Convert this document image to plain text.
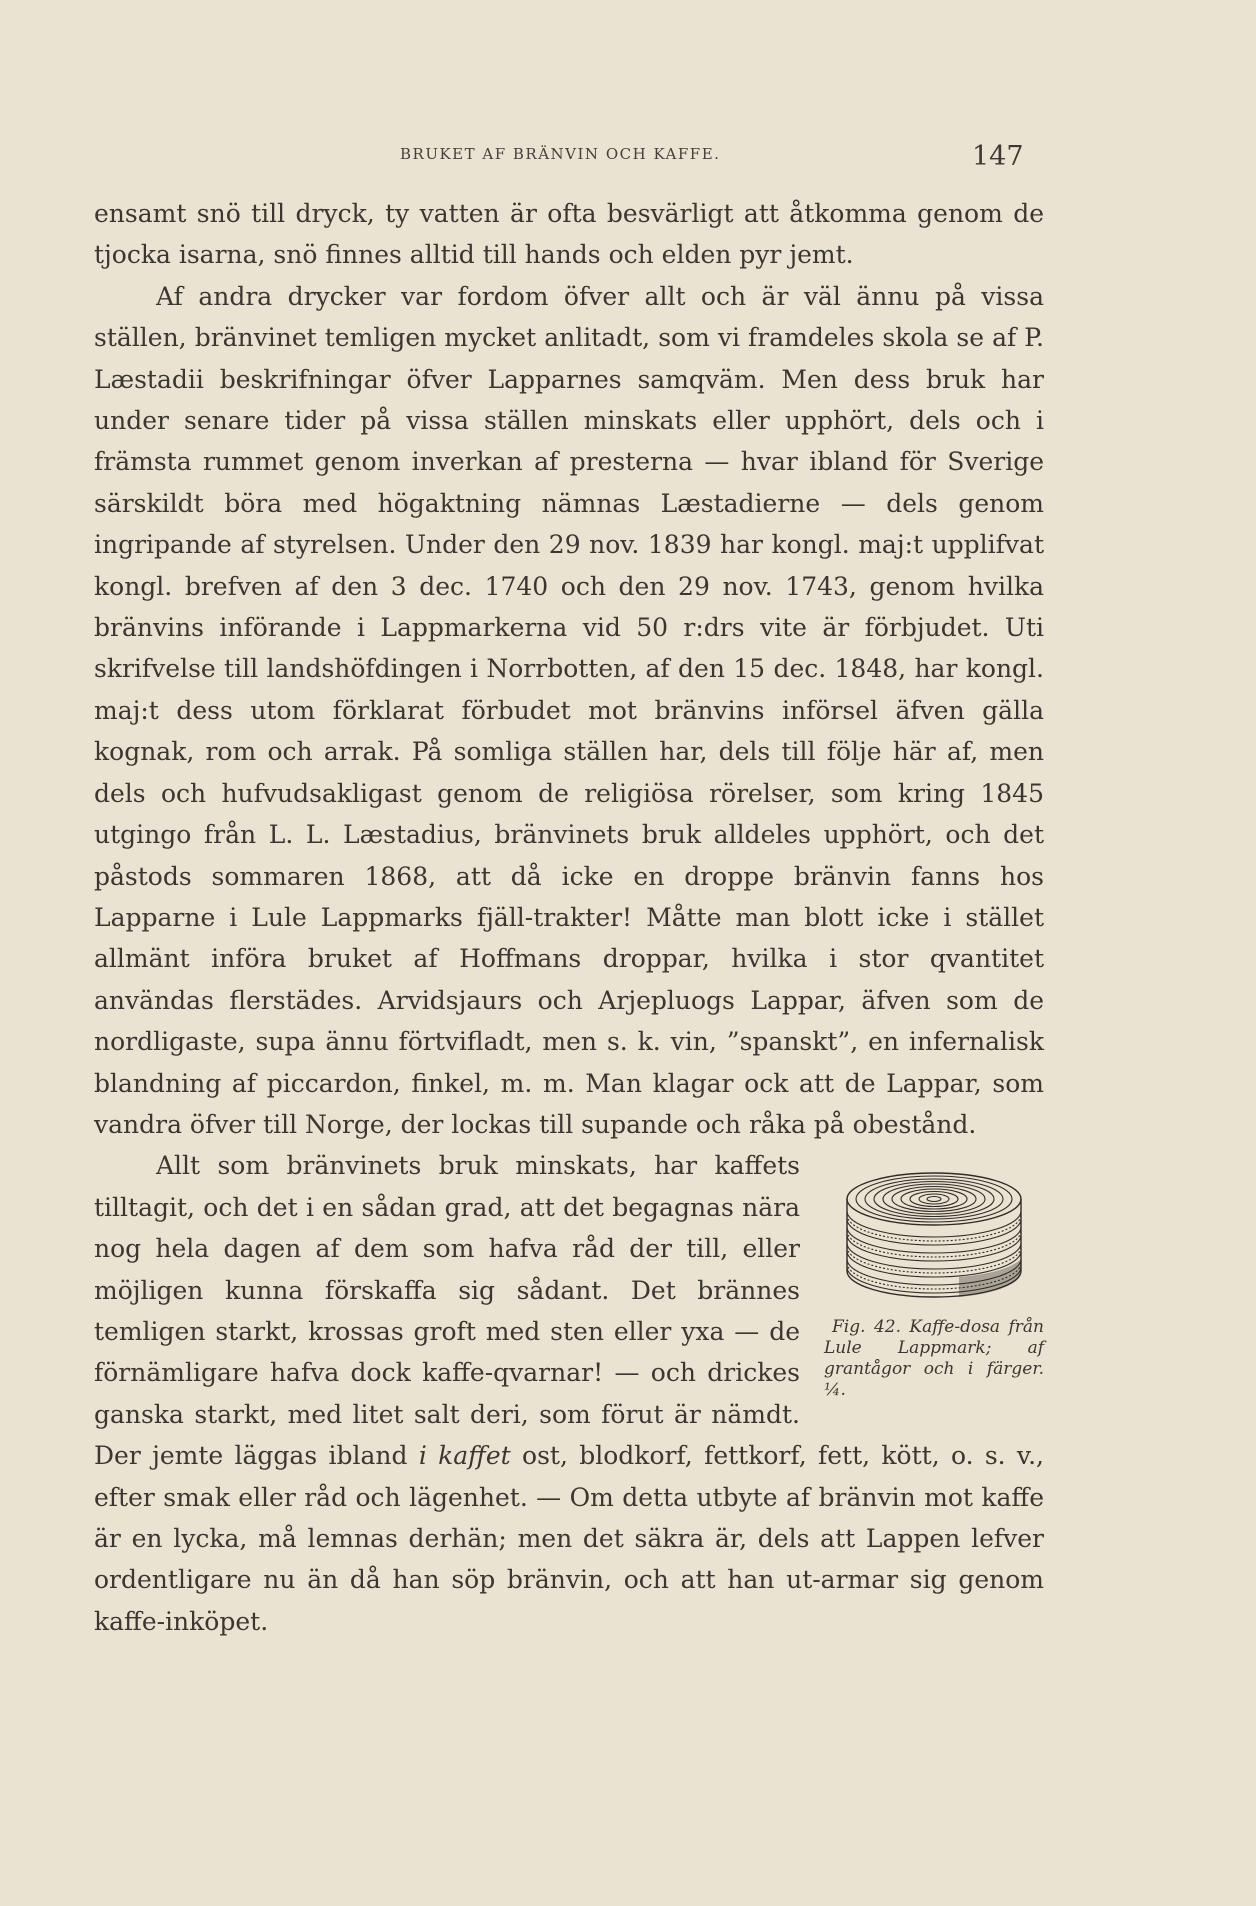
BRUKET AF BRÄNVIN OCH KAFFE.	147

ensamt snö till dryck, ty vatten är ofta besvärligt att åtkomma genom de tjocka isarna, snö finnes alltid till hands och elden pyr jemt.

Af andra drycker var fordom öfver allt och är väl ännu på vissa ställen, bränvinet temligen mycket anlitadt, som vi framdeles skola se af P. Læstadii beskrifningar öfver Lapparnes samqväm. Men dess bruk har under senare tider på vissa ställen minskats eller upphört, dels och i främsta rummet genom inverkan af presterna — hvar ibland för Sverige särskildt böra med högaktning nämnas Læstadierne — dels genom ingripande af styrelsen. Under den 29 nov. 1839 har kongl. maj:t upplifvat kongl. brefven af den 3 dec. 1740 och den 29 nov. 1743, genom hvilka bränvins införande i Lappmarkerna vid 50 r:drs vite är förbjudet. Uti skrifvelse till landshöfdingen i Norrbotten, af den 15 dec. 1848, har kongl. maj:t dess utom förklarat förbudet mot bränvins införsel äfven gälla kognak, rom och arrak. På somliga ställen har, dels till följe här af, men dels och hufvudsakligast genom de religiösa rörelser, som kring 1845 utgingo från L. L. Læstadius, bränvinets bruk alldeles upphört, och det påstods sommaren 1868, att då icke en droppe bränvin fanns hos Lapparne i Lule Lappmarks fjäll-trakter! Måtte man blott icke i stället allmänt införa bruket af Hoffmans droppar, hvilka i stor qvantitet användas flerstädes. Arvidsjaurs och Arjepluogs Lappar, äfven som de nordligaste, supa ännu förtviﬂadt, men s. k. vin, ”spanskt”, en infernalisk blandning af piccardon, finkel, m. m. Man klagar ock att de Lappar, som vandra öfver till Norge, der lockas till supande och råka på obestånd.

Fig. 42. Kaffe-dosa från Lule Lappmark; af grantågor och i färger. ¼.
Allt som bränvinets bruk minskats, har kaffets tilltagit, och det i en sådan grad, att det begagnas nära nog hela dagen af dem som hafva råd der till, eller möjligen kunna förskaffa sig sådant. Det brännes temligen starkt, krossas groft med sten eller yxa — de förnämligare hafva dock kaffe-qvarnar! — och drickes ganska starkt, med litet salt deri, som förut är nämdt. Der jemte läggas ibland i kaffet ost, blodkorf, fettkorf, fett, kött, o. s. v., efter smak eller råd och lägenhet. — Om detta utbyte af bränvin mot kaffe är en lycka, må lemnas derhän; men det säkra är, dels att Lappen lefver ordentligare nu än då han söp bränvin, och att han ut-armar sig genom kaffe-inköpet.
